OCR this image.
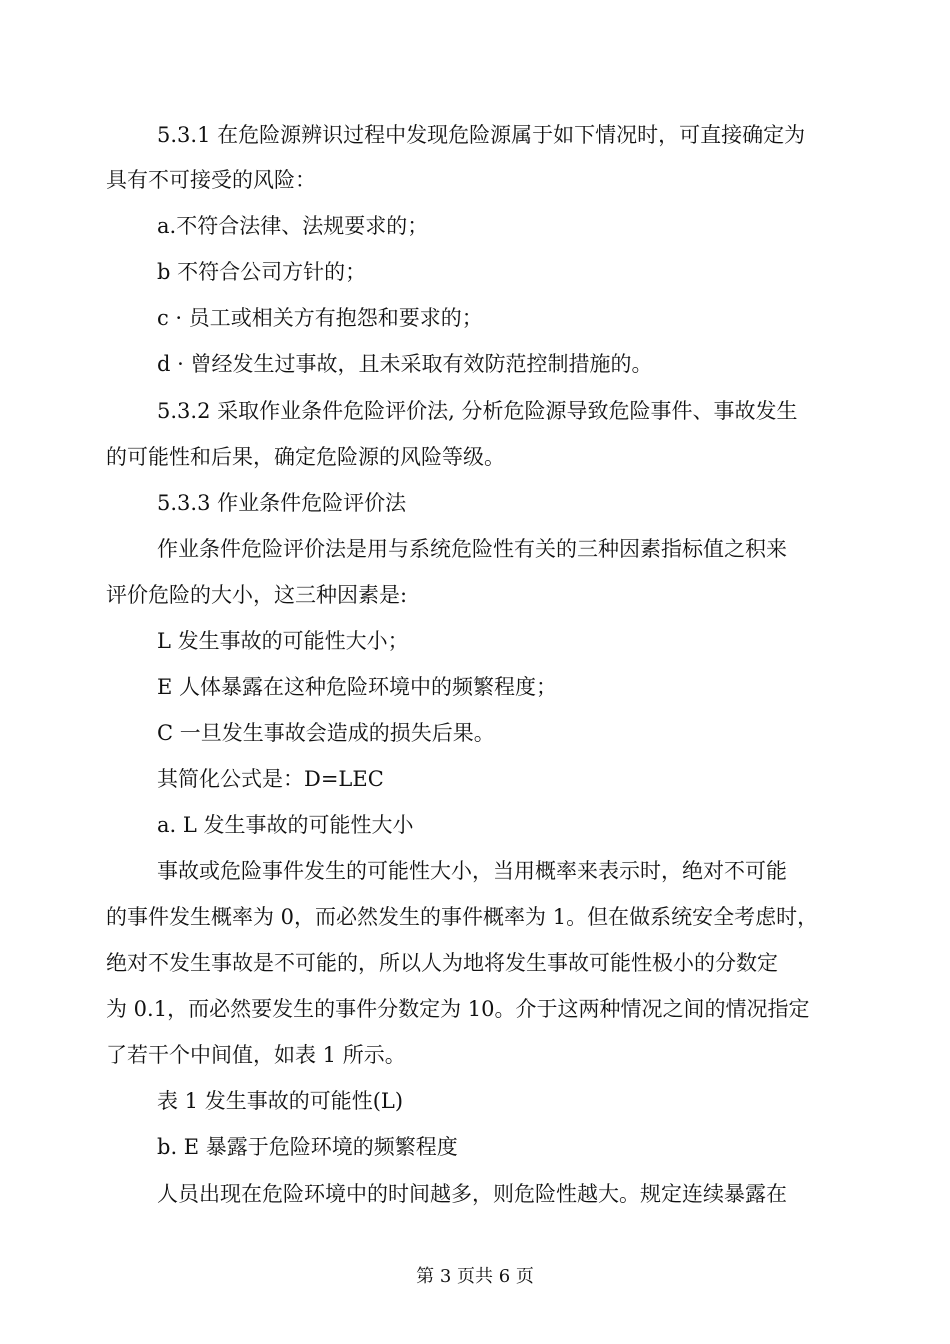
5.3.1 在危险源辨识过程中发现危险源属于如下情况时，可直接确定为
具有不可接受的风险：
a.不符合法律、法规要求的；
b 不符合公司方针的；
c · 员工或相关方有抱怨和要求的；
d · 曾经发生过事故，且未采取有效防范控制措施的。
5.3.2 采取作业条件危险评价法, 分析危险源导致危险事件、事故发生
的可能性和后果，确定危险源的风险等级。
5.3.3 作业条件危险评价法
作业条件危险评价法是用与系统危险性有关的三种因素指标值之积来
评价危险的大小，这三种因素是:
L 发生事故的可能性大小；
E 人体暴露在这种危险环境中的频繁程度；
C 一旦发生事故会造成的损失后果。
其简化公式是：D=LEC
a. L 发生事故的可能性大小
事故或危险事件发生的可能性大小，当用概率来表示时，绝对不可能
的事件发生概率为 0，而必然发生的事件概率为 1。但在做系统安全考虑时，
绝对不发生事故是不可能的，所以人为地将发生事故可能性极小的分数定
为 0.1，而必然要发生的事件分数定为 10。介于这两种情况之间的情况指定
了若干个中间值，如表 1 所示。
表 1 发生事故的可能性(L)
b. E 暴露于危险环境的频繁程度
人员出现在危险环境中的时间越多，则危险性越大。规定连续暴露在
第 3 页共 6 页
